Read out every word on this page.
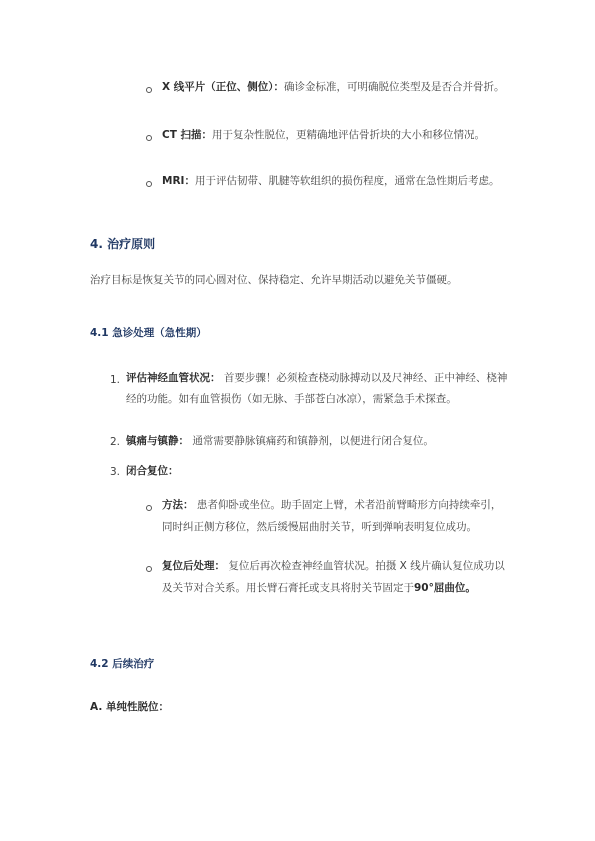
X 线平片（正位、侧位）：确诊金标准，可明确脱位类型及是否合并骨折。
CT 扫描：用于复杂性脱位，更精确地评估骨折块的大小和移位情况。
MRI：用于评估韧带、肌腱等软组织的损伤程度，通常在急性期后考虑。
4. 治疗原则
治疗目标是恢复关节的同心圆对位、保持稳定、允许早期活动以避免关节僵硬。
4.1 急诊处理（急性期）
1. 评估神经血管状况： 首要步骤！必须检查桡动脉搏动以及尺神经、正中神经、桡神经的功能。如有血管损伤（如无脉、手部苍白冰凉），需紧急手术探查。
2. 镇痛与镇静： 通常需要静脉镇痛药和镇静剂，以便进行闭合复位。
3. 闭合复位：
方法： 患者仰卧或坐位。助手固定上臂，术者沿前臂畸形方向持续牵引，同时纠正侧方移位，然后缓慢屈曲肘关节，听到弹响表明复位成功。
复位后处理： 复位后再次检查神经血管状况。拍摄 X 线片确认复位成功以及关节对合关系。用长臂石膏托或支具将肘关节固定于90°屈曲位。
4.2 后续治疗
A. 单纯性脱位：
